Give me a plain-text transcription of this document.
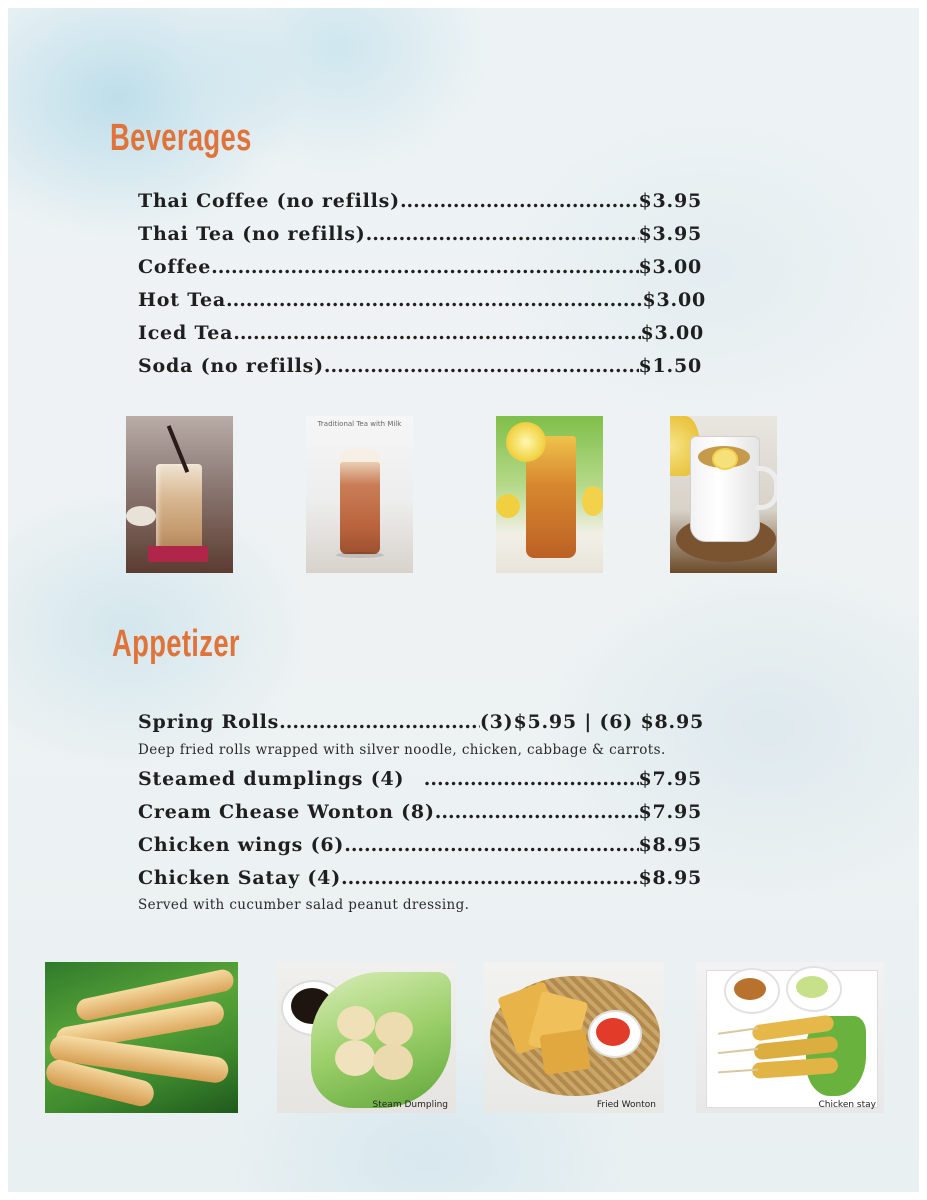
Beverages
Thai Coffee (no refills) .....	$3.95
Thai Tea (no refills) .....	$3.95
Coffee .....	$3.00
Hot Tea .....	$3.00
Iced Tea .....	$3.00
Soda (no refills) .....	$1.50
Traditional Tea with Milk
Appetizer
Spring Rolls .....	(3)$5.95 | (6) $8.95
Deep fried rolls wrapped with silver noodle, chicken, cabbage & carrots.
Steamed dumplings (4) .....	$7.95
Cream Chease Wonton (8) .....	$7.95
Chicken wings (6) .....	$8.95
Chicken Satay (4) .....	$8.95
Served with cucumber salad peanut dressing.
Steam Dumpling	Fried Wonton	Chicken stay
